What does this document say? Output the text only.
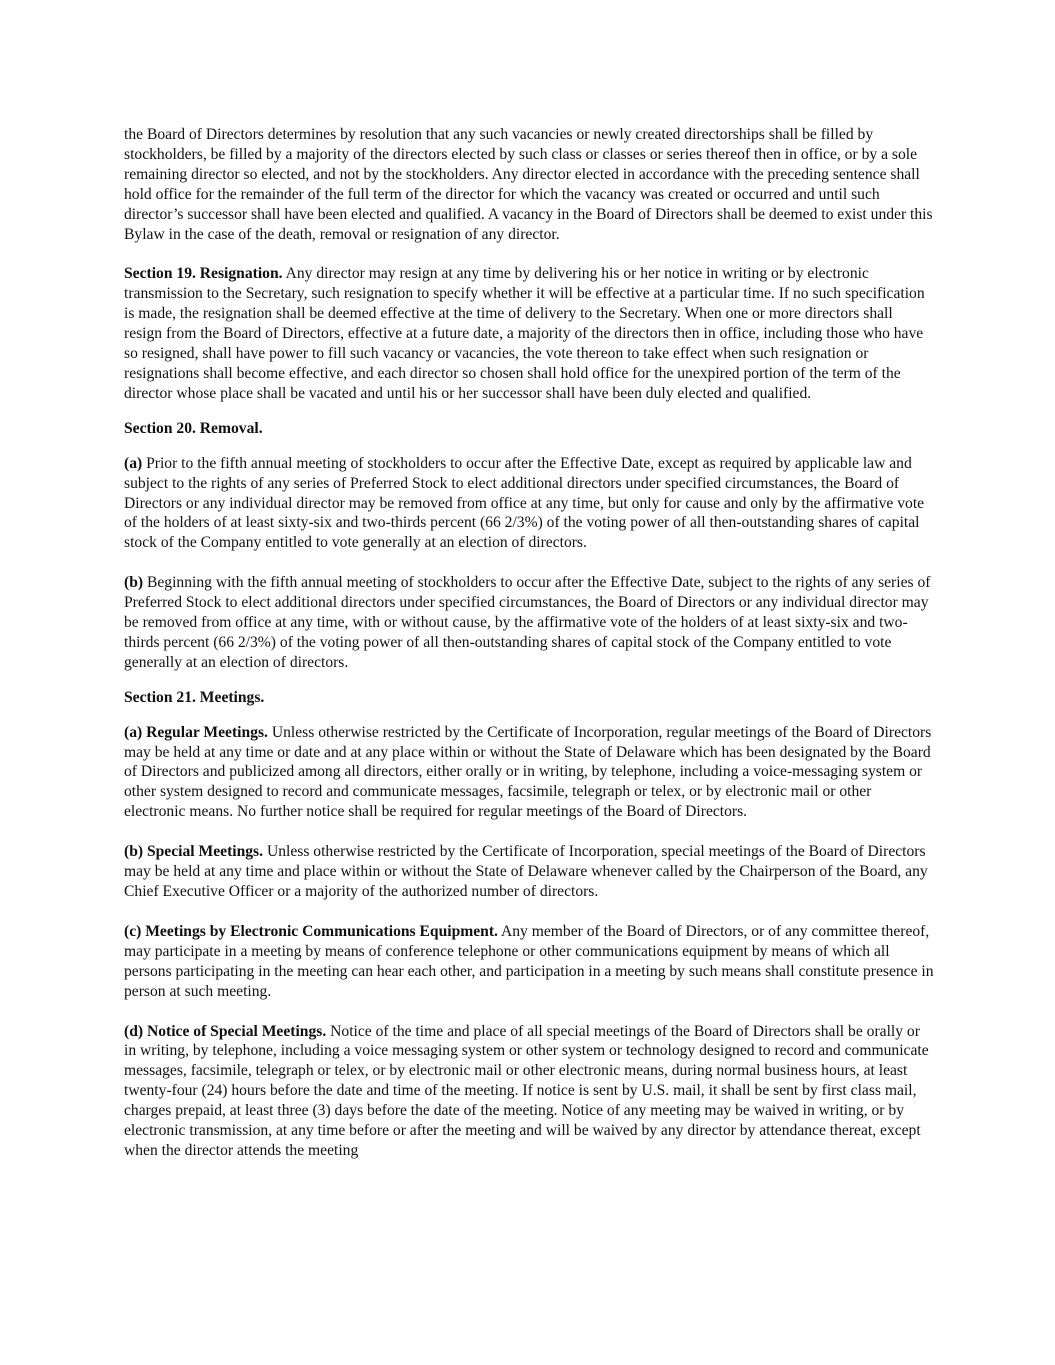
the Board of Directors determines by resolution that any such vacancies or newly created directorships shall be filled by stockholders, be filled by a majority of the directors elected by such class or classes or series thereof then in office, or by a sole remaining director so elected, and not by the stockholders. Any director elected in accordance with the preceding sentence shall hold office for the remainder of the full term of the director for which the vacancy was created or occurred and until such director’s successor shall have been elected and qualified. A vacancy in the Board of Directors shall be deemed to exist under this Bylaw in the case of the death, removal or resignation of any director.

Section 19. Resignation. Any director may resign at any time by delivering his or her notice in writing or by electronic transmission to the Secretary, such resignation to specify whether it will be effective at a particular time. If no such specification is made, the resignation shall be deemed effective at the time of delivery to the Secretary. When one or more directors shall resign from the Board of Directors, effective at a future date, a majority of the directors then in office, including those who have so resigned, shall have power to fill such vacancy or vacancies, the vote thereon to take effect when such resignation or resignations shall become effective, and each director so chosen shall hold office for the unexpired portion of the term of the director whose place shall be vacated and until his or her successor shall have been duly elected and qualified.

Section 20. Removal.

(a) Prior to the fifth annual meeting of stockholders to occur after the Effective Date, except as required by applicable law and subject to the rights of any series of Preferred Stock to elect additional directors under specified circumstances, the Board of Directors or any individual director may be removed from office at any time, but only for cause and only by the affirmative vote of the holders of at least sixty-six and two-thirds percent (66 2/3%) of the voting power of all then-outstanding shares of capital stock of the Company entitled to vote generally at an election of directors.

(b) Beginning with the fifth annual meeting of stockholders to occur after the Effective Date, subject to the rights of any series of Preferred Stock to elect additional directors under specified circumstances, the Board of Directors or any individual director may be removed from office at any time, with or without cause, by the affirmative vote of the holders of at least sixty-six and two-thirds percent (66 2/3%) of the voting power of all then-outstanding shares of capital stock of the Company entitled to vote generally at an election of directors.

Section 21. Meetings.

(a) Regular Meetings. Unless otherwise restricted by the Certificate of Incorporation, regular meetings of the Board of Directors may be held at any time or date and at any place within or without the State of Delaware which has been designated by the Board of Directors and publicized among all directors, either orally or in writing, by telephone, including a voice-messaging system or other system designed to record and communicate messages, facsimile, telegraph or telex, or by electronic mail or other electronic means. No further notice shall be required for regular meetings of the Board of Directors.

(b) Special Meetings. Unless otherwise restricted by the Certificate of Incorporation, special meetings of the Board of Directors may be held at any time and place within or without the State of Delaware whenever called by the Chairperson of the Board, any Chief Executive Officer or a majority of the authorized number of directors.

(c) Meetings by Electronic Communications Equipment. Any member of the Board of Directors, or of any committee thereof, may participate in a meeting by means of conference telephone or other communications equipment by means of which all persons participating in the meeting can hear each other, and participation in a meeting by such means shall constitute presence in person at such meeting.

(d) Notice of Special Meetings. Notice of the time and place of all special meetings of the Board of Directors shall be orally or in writing, by telephone, including a voice messaging system or other system or technology designed to record and communicate messages, facsimile, telegraph or telex, or by electronic mail or other electronic means, during normal business hours, at least twenty-four (24) hours before the date and time of the meeting. If notice is sent by U.S. mail, it shall be sent by first class mail, charges prepaid, at least three (3) days before the date of the meeting. Notice of any meeting may be waived in writing, or by electronic transmission, at any time before or after the meeting and will be waived by any director by attendance thereat, except when the director attends the meeting
